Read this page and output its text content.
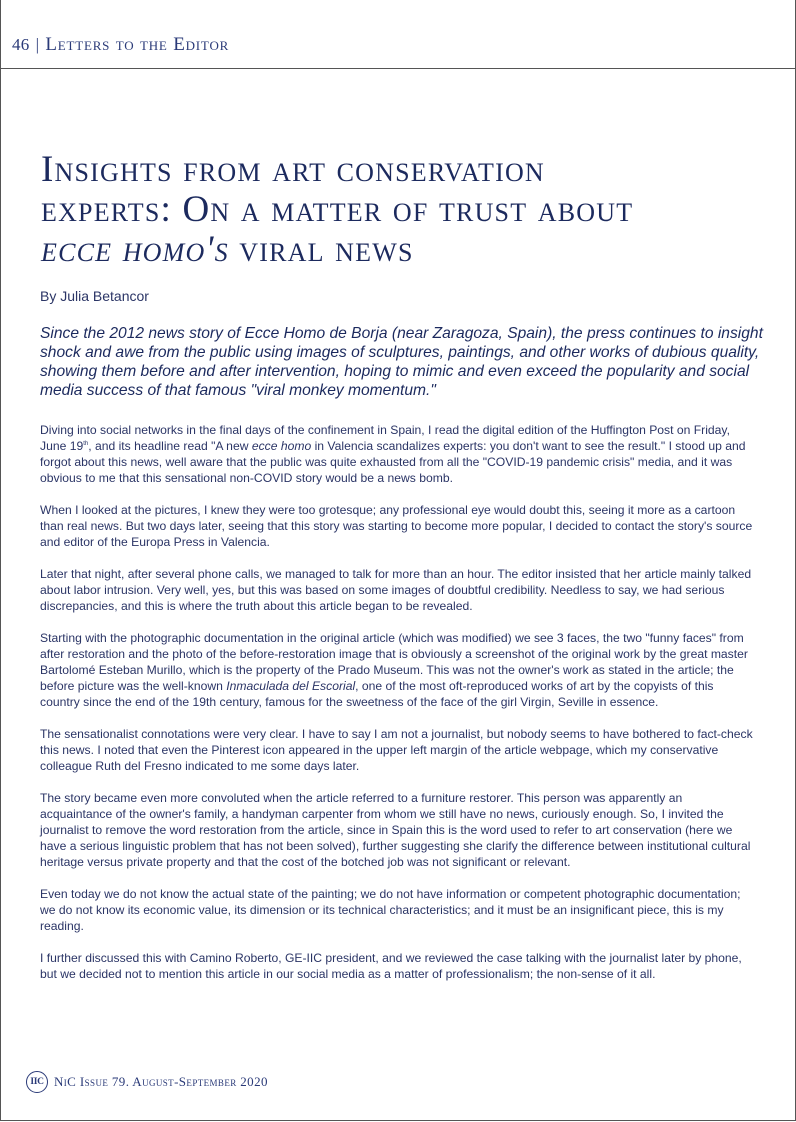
46 | Letters to the Editor
Insights from art conservation
experts: On a matter of trust about
ecce homo's viral news

By Julia Betancor

Since the 2012 news story of Ecce Homo de Borja (near Zaragoza, Spain), the press continues to insight shock and awe from the public using images of sculptures, paintings, and other works of dubious quality, showing them before and after intervention, hoping to mimic and even exceed the popularity and social media success of that famous "viral monkey momentum."

Diving into social networks in the final days of the confinement in Spain, I read the digital edition of the Huffington Post on Friday, June 19th, and its headline read "A new ecce homo in Valencia scandalizes experts: you don't want to see the result." I stood up and forgot about this news, well aware that the public was quite exhausted from all the "COVID-19 pandemic crisis" media, and it was obvious to me that this sensational non-COVID story would be a news bomb.

When I looked at the pictures, I knew they were too grotesque; any professional eye would doubt this, seeing it more as a cartoon than real news. But two days later, seeing that this story was starting to become more popular, I decided to contact the story's source and editor of the Europa Press in Valencia.

Later that night, after several phone calls, we managed to talk for more than an hour. The editor insisted that her article mainly talked about labor intrusion. Very well, yes, but this was based on some images of doubtful credibility. Needless to say, we had serious discrepancies, and this is where the truth about this article began to be revealed.

Starting with the photographic documentation in the original article (which was modified) we see 3 faces, the two "funny faces" from after restoration and the photo of the before-restoration image that is obviously a screenshot of the original work by the great master Bartolomé Esteban Murillo, which is the property of the Prado Museum. This was not the owner's work as stated in the article; the before picture was the well-known Inmaculada del Escorial, one of the most oft-reproduced works of art by the copyists of this country since the end of the 19th century, famous for the sweetness of the face of the girl Virgin, Seville in essence.

The sensationalist connotations were very clear. I have to say I am not a journalist, but nobody seems to have bothered to fact-check this news. I noted that even the Pinterest icon appeared in the upper left margin of the article webpage, which my conservative colleague Ruth del Fresno indicated to me some days later.

The story became even more convoluted when the article referred to a furniture restorer. This person was apparently an acquaintance of the owner's family, a handyman carpenter from whom we still have no news, curiously enough. So, I invited the journalist to remove the word restoration from the article, since in Spain this is the word used to refer to art conservation (here we have a serious linguistic problem that has not been solved), further suggesting she clarify the difference between institutional cultural heritage versus private property and that the cost of the botched job was not significant or relevant.

Even today we do not know the actual state of the painting; we do not have information or competent photographic documentation; we do not know its economic value, its dimension or its technical characteristics; and it must be an insignificant piece, this is my reading.

I further discussed this with Camino Roberto, GE-IIC president, and we reviewed the case talking with the journalist later by phone, but we decided not to mention this article in our social media as a matter of professionalism; the non-sense of it all.

IIC NiC Issue 79. August-September 2020
